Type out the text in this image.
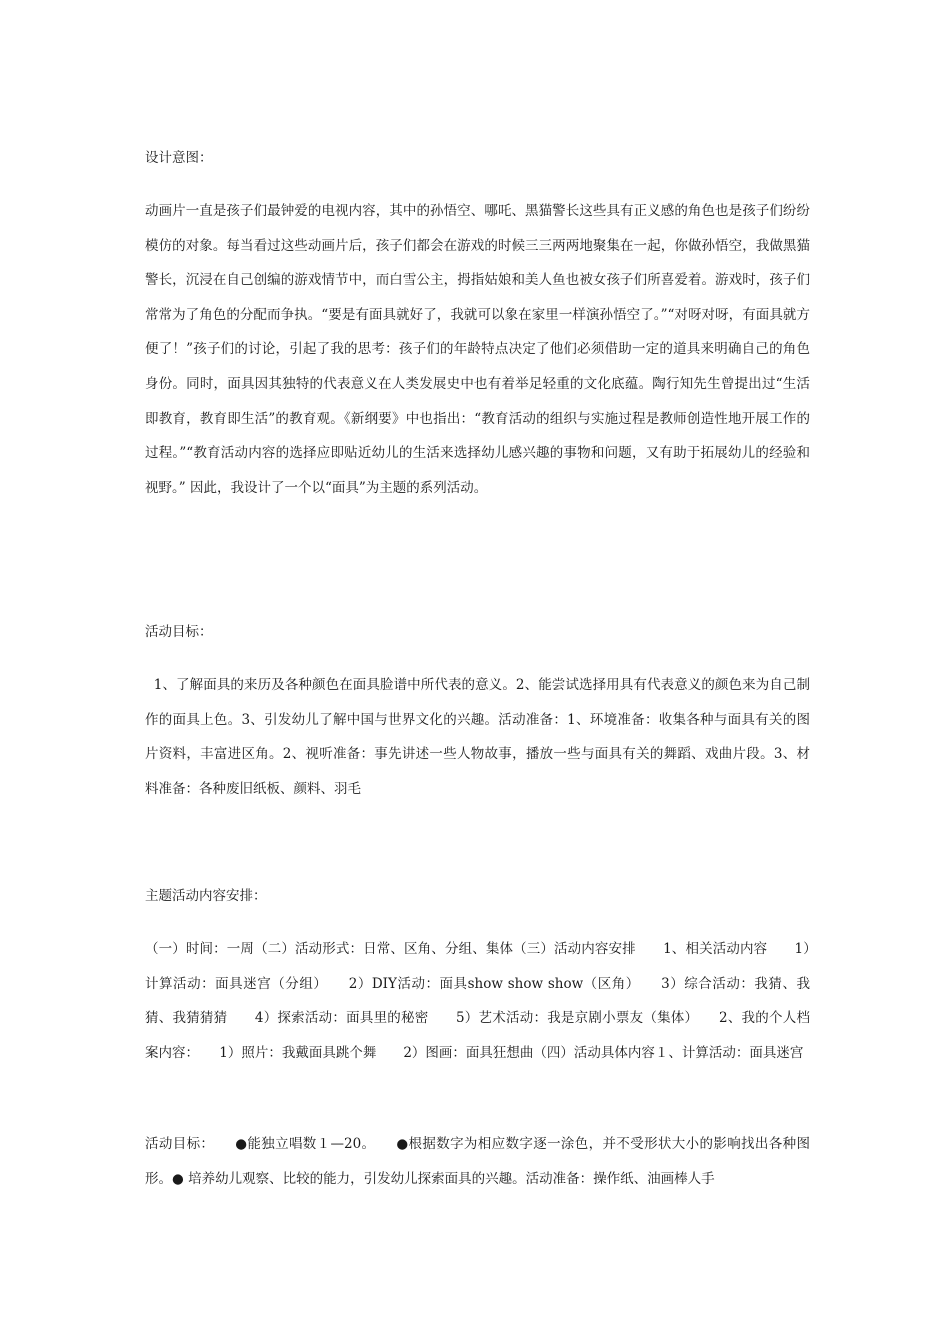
设计意图：
动画片一直是孩子们最钟爱的电视内容，其中的孙悟空、哪吒、黑猫警长这些具有正义感的角色也是孩子们纷纷模仿的对象。每当看过这些动画片后，孩子们都会在游戏的时候三三两两地聚集在一起，你做孙悟空，我做黑猫警长，沉浸在自己创编的游戏情节中，而白雪公主，拇指姑娘和美人鱼也被女孩子们所喜爱着。游戏时，孩子们常常为了角色的分配而争执。“要是有面具就好了，我就可以象在家里一样演孙悟空了。”“对呀对呀，有面具就方便了！”孩子们的讨论，引起了我的思考：孩子们的年龄特点决定了他们必须借助一定的道具来明确自己的角色身份。同时，面具因其独特的代表意义在人类发展史中也有着举足轻重的文化底蕴。陶行知先生曾提出过“生活即教育，教育即生活”的教育观。《新纲要》中也指出：“教育活动的组织与实施过程是教师创造性地开展工作的过程。”“教育活动内容的选择应即贴近幼儿的生活来选择幼儿感兴趣的事物和问题，又有助于拓展幼儿的经验和视野。” 因此，我设计了一个以“面具”为主题的系列活动。
活动目标：
1、了解面具的来历及各种颜色在面具脸谱中所代表的意义。2、能尝试选择用具有代表意义的颜色来为自己制作的面具上色。3、引发幼儿了解中国与世界文化的兴趣。活动准备：1、环境准备：收集各种与面具有关的图片资料，丰富进区角。2、视听准备：事先讲述一些人物故事，播放一些与面具有关的舞蹈、戏曲片段。3、材料准备：各种废旧纸板、颜料、羽毛
主题活动内容安排：
（一）时间：一周（二）活动形式：日常、区角、分组、集体（三）活动内容安排　　1、相关活动内容　　1）计算活动：面具迷宫（分组）　　2）DIY活动：面具show show show（区角）　　3）综合活动：我猜、我猜、我猜猜猜　　4）探索活动：面具里的秘密　　5）艺术活动：我是京剧小票友（集体）　　2、我的个人档案内容：　　1）照片：我戴面具跳个舞　　2）图画：面具狂想曲（四）活动具体内容１、计算活动：面具迷宫
活动目标：　　●能独立唱数１—20。　　●根据数字为相应数字逐一涂色，并不受形状大小的影响找出各种图形。● 培养幼儿观察、比较的能力，引发幼儿探索面具的兴趣。活动准备：操作纸、油画棒人手
